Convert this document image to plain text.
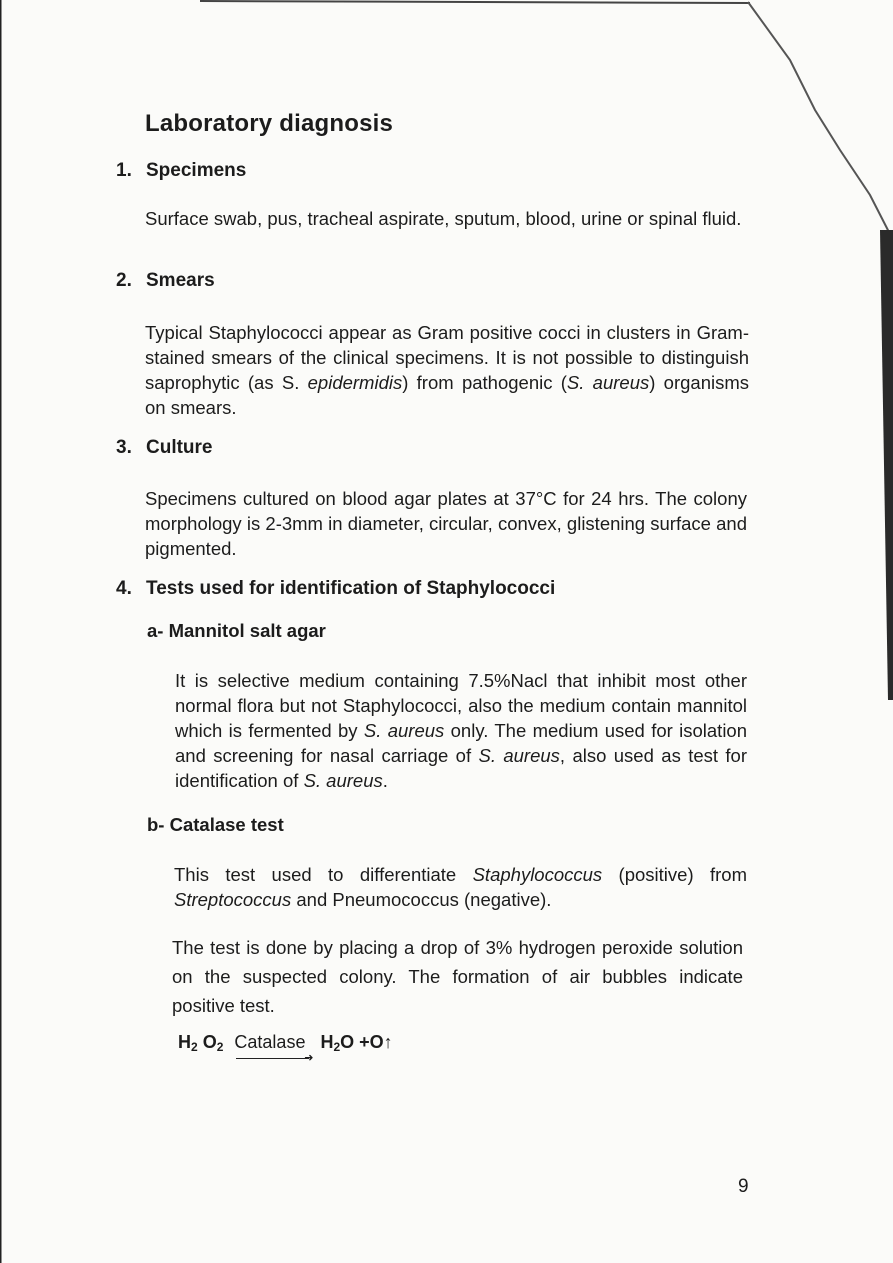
Laboratory diagnosis
1. Specimens
Surface swab, pus, tracheal aspirate, sputum, blood, urine or spinal fluid.
2. Smears
Typical Staphylococci appear as Gram positive cocci in clusters in Gram-stained smears of the clinical specimens. It is not possible to distinguish saprophytic (as S. epidermidis) from pathogenic (S. aureus) organisms on smears.
3. Culture
Specimens cultured on blood agar plates at 37°C for 24 hrs. The colony morphology is 2-3mm in diameter, circular, convex, glistening surface and pigmented.
4. Tests used for identification of Staphylococci
a- Mannitol salt agar
It is selective medium containing 7.5%Nacl that inhibit most other normal flora but not Staphylococci, also the medium contain mannitol which is fermented by S. aureus only. The medium used for isolation and screening for nasal carriage of S. aureus, also used as test for identification of S. aureus.
b- Catalase test
This test used to differentiate Staphylococcus (positive) from Streptococcus and Pneumococcus (negative).
The test is done by placing a drop of 3% hydrogen peroxide solution on the suspected colony. The formation of air bubbles indicate positive test.
$H_2$ $O_2$ Catalase
➜
$H_2O$ +O↑
9
